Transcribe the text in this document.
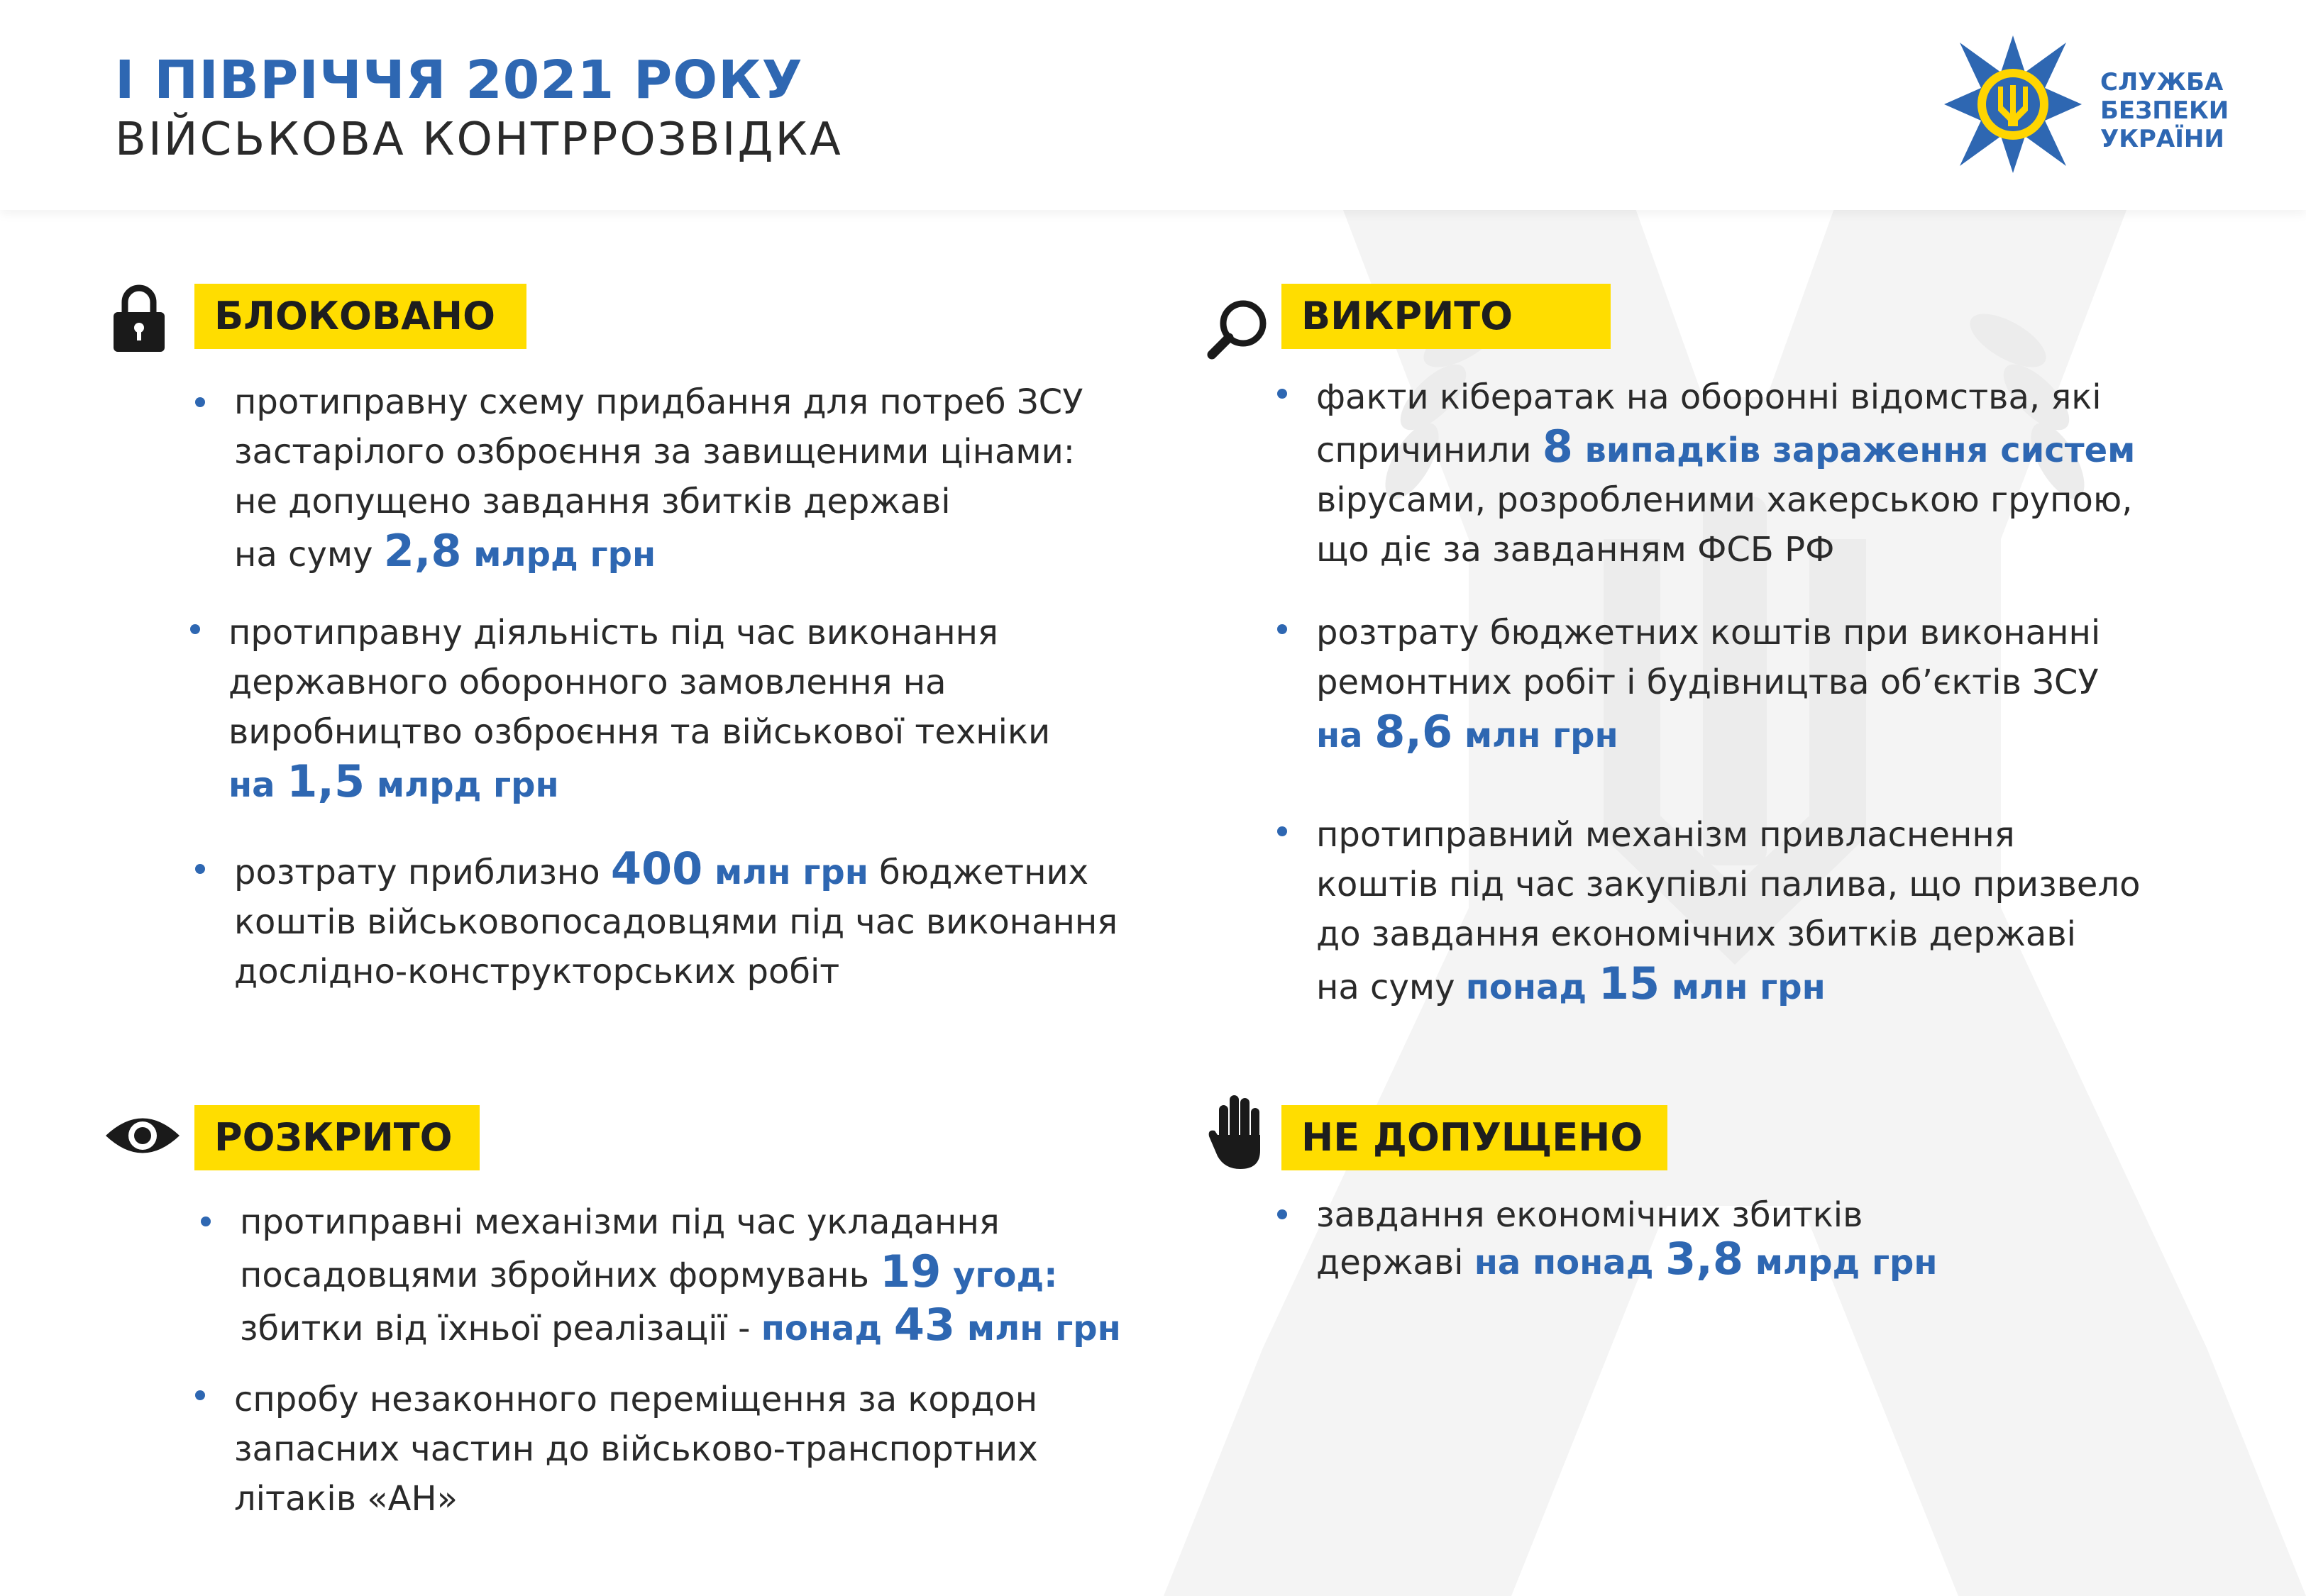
І ПІВРІЧЧЯ 2021 РОКУ
ВІЙСЬКОВА КОНТРРОЗВІДКА
СЛУЖБА
БЕЗПЕКИ
УКРАЇНИ
БЛОКОВАНО
протиправну схему придбання для потреб ЗСУ
застарілого озброєння за завищеними цінами:
не допущено завдання збитків державі
на суму 2,8 млрд грн
протиправну діяльність під час виконання
державного оборонного замовлення на
виробництво озброєння та військової техніки
на 1,5 млрд грн
розтрату приблизно 400 млн грн бюджетних
коштів військовопосадовцями під час виконання
дослідно-конструкторських робіт
ВИКРИТО
факти кібератак на оборонні відомства, які
спричинили 8 випадків зараження систем
вірусами, розробленими хакерською групою,
що діє за завданням ФСБ РФ
розтрату бюджетних коштів при виконанні
ремонтних робіт і будівництва об’єктів ЗСУ
на 8,6 млн грн
протиправний механізм привласнення
коштів під час закупівлі палива, що призвело
до завдання економічних збитків державі
на суму понад 15 млн грн
РОЗКРИТО
протиправні механізми під час укладання
посадовцями збройних формувань 19 угод:
збитки від їхньої реалізації - понад 43 млн грн
спробу незаконного переміщення за кордон
запасних частин до військово-транспортних
літаків «АН»
НЕ ДОПУЩЕНО
завдання економічних збитків
державі на понад 3,8 млрд грн
